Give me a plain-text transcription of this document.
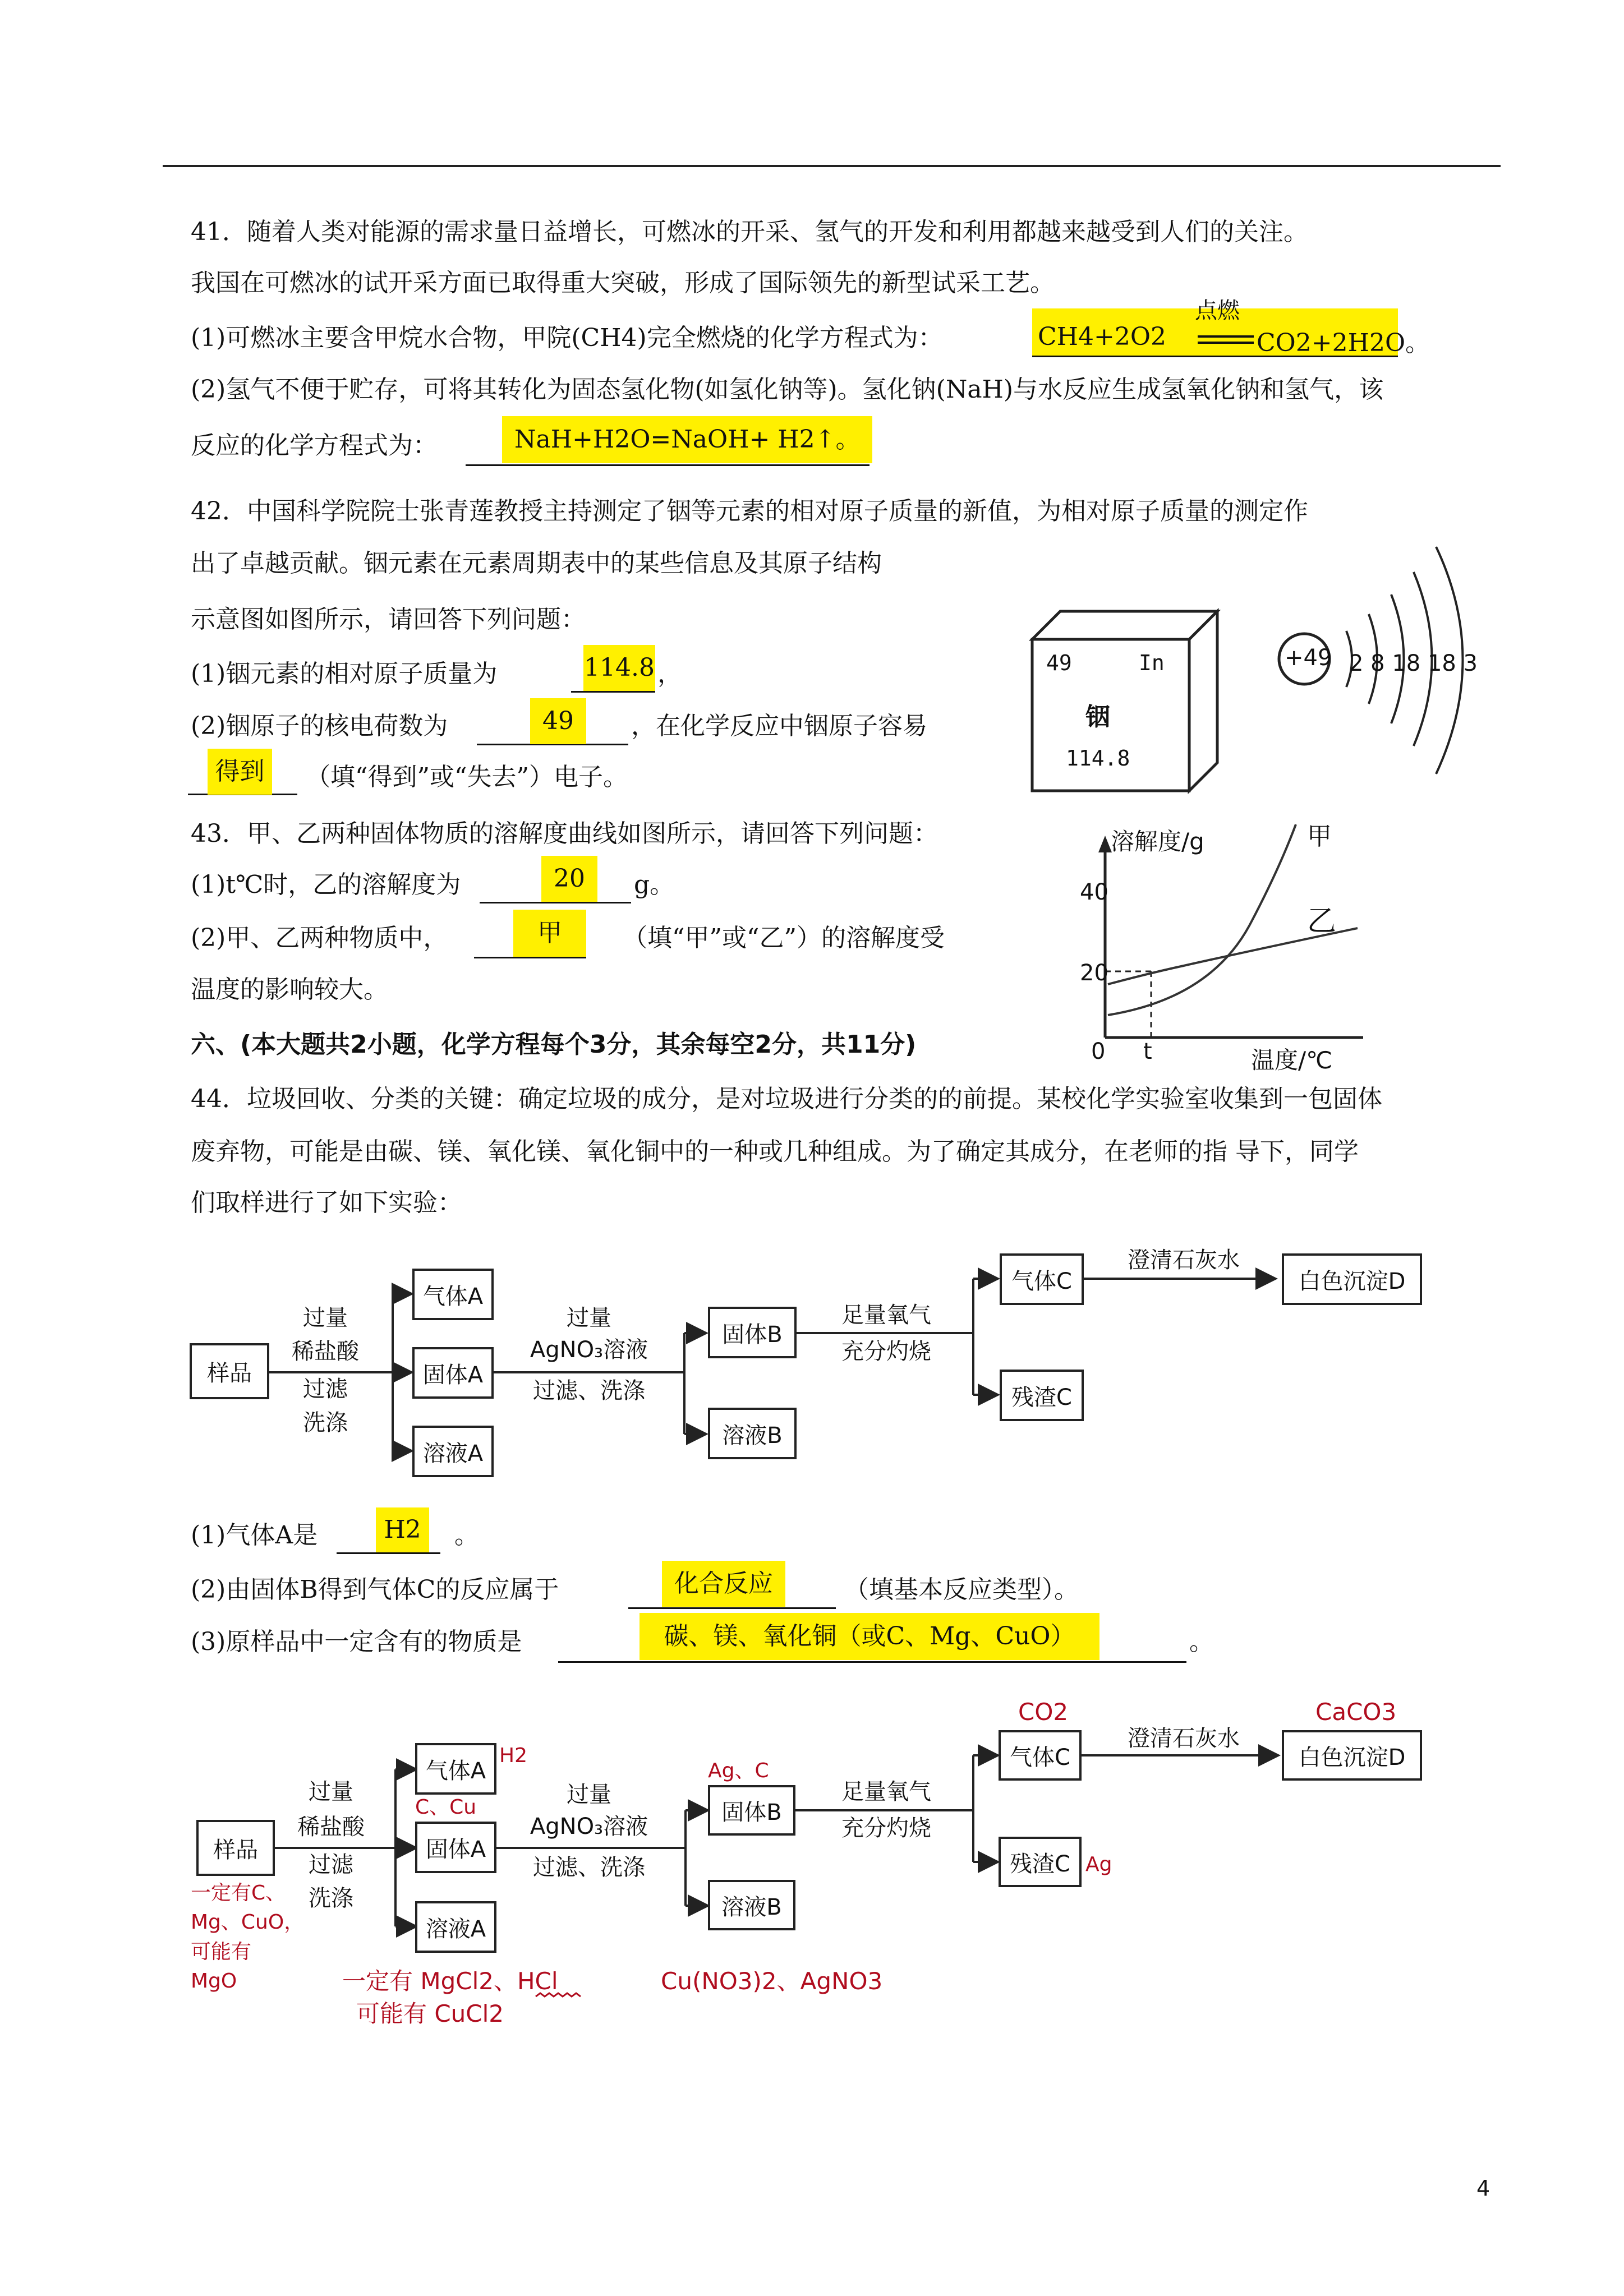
41．随着人类对能源的需求量日益增长，可燃冰的开采、氢气的开发和利用都越来越受到人们的关注。
我国在可燃冰的试开采方面已取得重大突破，形成了国际领先的新型试采工艺。
(1)可燃冰主要含甲烷水合物，甲院(CH4)完全燃烧的化学方程式为：	CH4+2O2
点燃
CO2+2H2O。
(2)氢气不便于贮存，可将其转化为固态氢化物(如氢化钠等)。氢化钠(NaH)与水反应生成氢氧化钠和氢气，该
反应的化学方程式为：	NaH+H2O=NaOH+ H2↑。
42．中国科学院院士张青莲教授主持测定了铟等元素的相对原子质量的新值，为相对原子质量的测定作
出了卓越贡献。铟元素在元素周期表中的某些信息及其原子结构
示意图如图所示，请回答下列问题：
(1)铟元素的相对原子质量为	114.8 ，
(2)铟原子的核电荷数为	49	，在化学反应中铟原子容易
得到	（填“得到”或“失去”）电子。
49	In
铟
114.8
+49 2 8 18 18 3
43．甲、乙两种固体物质的溶解度曲线如图所示，请回答下列问题：
(1)t℃时，乙的溶解度为	20	g。
(2)甲、乙两种物质中，	甲	（填“甲”或“乙”）的溶解度受
温度的影响较大。
溶解度/g	甲
乙
40
20
0 t	温度/℃
六、(本大题共2小题，化学方程每个3分，其余每空2分，共11分)
44．垃圾回收、分类的关键：确定垃圾的成分，是对垃圾进行分类的的前提。某校化学实验室收集到一包固体
废弃物，可能是由碳、镁、氧化镁、氧化铜中的一种或几种组成。为了确定其成分，在老师的指 导下，同学
们取样进行了如下实验：
样品
过量
稀盐酸
过滤
洗涤
气体A
固体A
溶液A
过量
AgNO₃溶液
过滤、洗涤
固体B
溶液B
足量氧气
充分灼烧
气体C
残渣C
澄清石灰水
白色沉淀D
(1)气体A是	H2	。
(2)由固体B得到气体C的反应属于	化合反应	（填基本反应类型）。
(3)原样品中一定含有的物质是	碳、镁、氧化铜（或C、Mg、CuO）	。
样品
过量
稀盐酸
过滤
洗涤
气体A
固体A
溶液A
过量
AgNO₃溶液
过滤、洗涤
固体B
溶液B
足量氧气
充分灼烧
气体C
残渣C
澄清石灰水
白色沉淀D
H2
C、Cu
Ag、C
CO2	CaCO3
Ag
一定有C、
Mg、CuO，
可能有
MgO	一定有 MgCl2、HCl
可能有 CuCl2
Cu(NO3)2、AgNO3
4
